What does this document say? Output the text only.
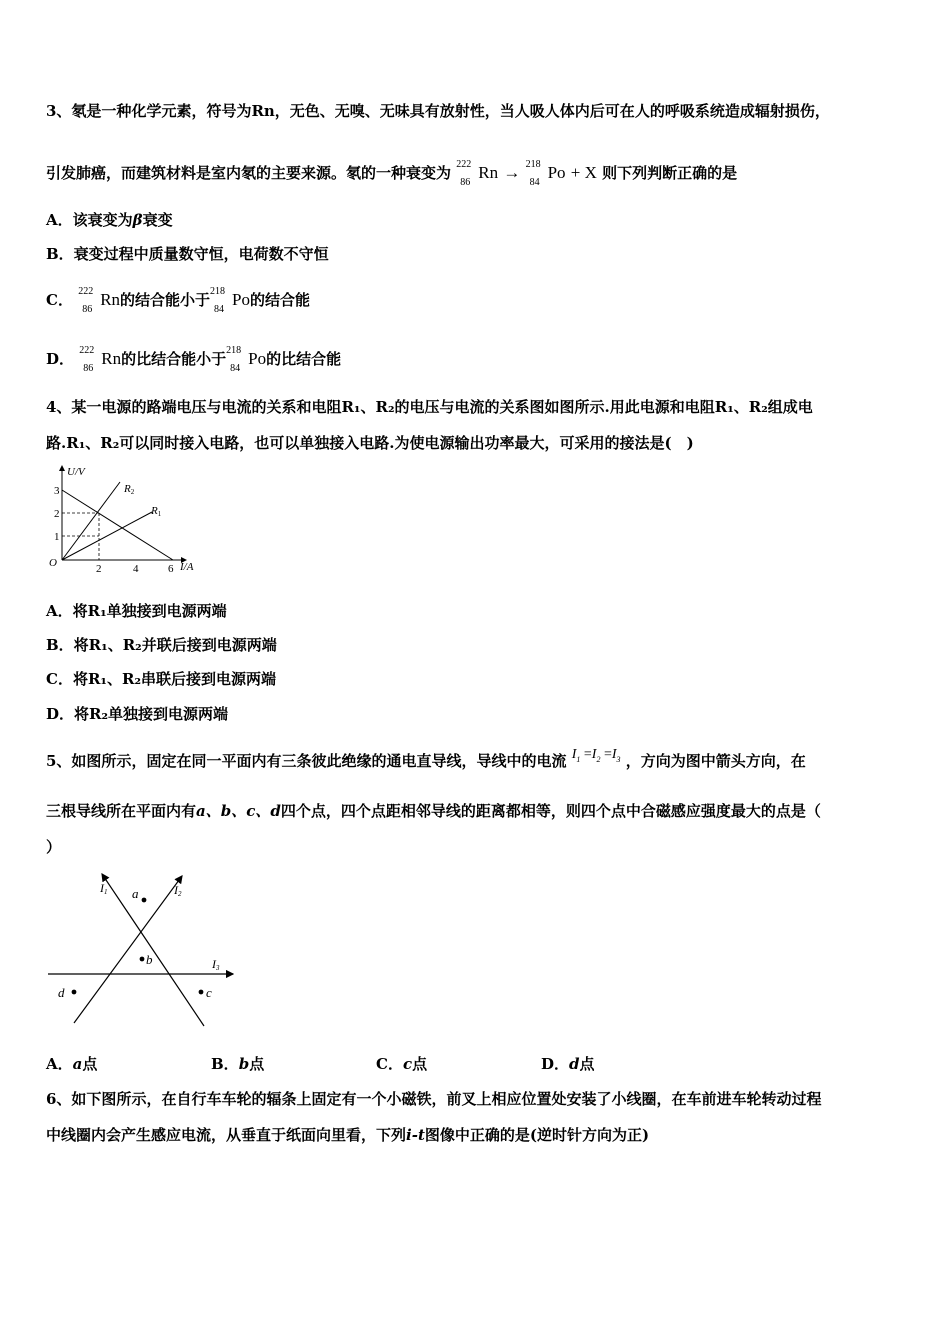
3、氡是一种化学元素，符号为Rn，无色、无嗅、无味具有放射性，当人吸人体内后可在人的呼吸系统造成辐射损伤，
引发肺癌，而建筑材料是室内氡的主要来源。氡的一种衰变为 222
86
Rn → 218
84
Po + X 则下列判断正确的是
A．该衰变为β衰变
B．衰变过程中质量数守恒，电荷数不守恒
C． 222
86
Rn的结合能小于 218
84
Po的结合能
D． 222
86
Rn的比结合能小于 218
84
Po的比结合能
4、某一电源的路端电压与电流的关系和电阻R₁、R₂的电压与电流的关系图如图所示.用此电源和电阻R₁、R₂组成电
路.R₁、R₂可以同时接入电路，也可以单独接入电路.为使电源输出功率最大，可采用的接法是(　)
U/V
I/A
O
3
2
1
2	4	6
R2
R1
A．将R₁单独接到电源两端
B．将R₁、R₂并联后接到电源两端
C．将R₁、R₂串联后接到电源两端
D．将R₂单独接到电源两端
5、如图所示，固定在同一平面内有三条彼此绝缘的通电直导线，导线中的电流 $I_1 =I_2 =I_3$ ，方向为图中箭头方向，在
三根导线所在平面内有a、b、c、d四个点，四个点距相邻导线的距离都相等，则四个点中合磁感应强度最大的点是（
）
I1	I2
I3
a
b
d	c
A．a点	B．b点	C．c点	D．d点
6、如下图所示，在自行车车轮的辐条上固定有一个小磁铁，前叉上相应位置处安装了小线圈，在车前进车轮转动过程
中线圈内会产生感应电流，从垂直于纸面向里看，下列i-t图像中正确的是(逆时针方向为正)
